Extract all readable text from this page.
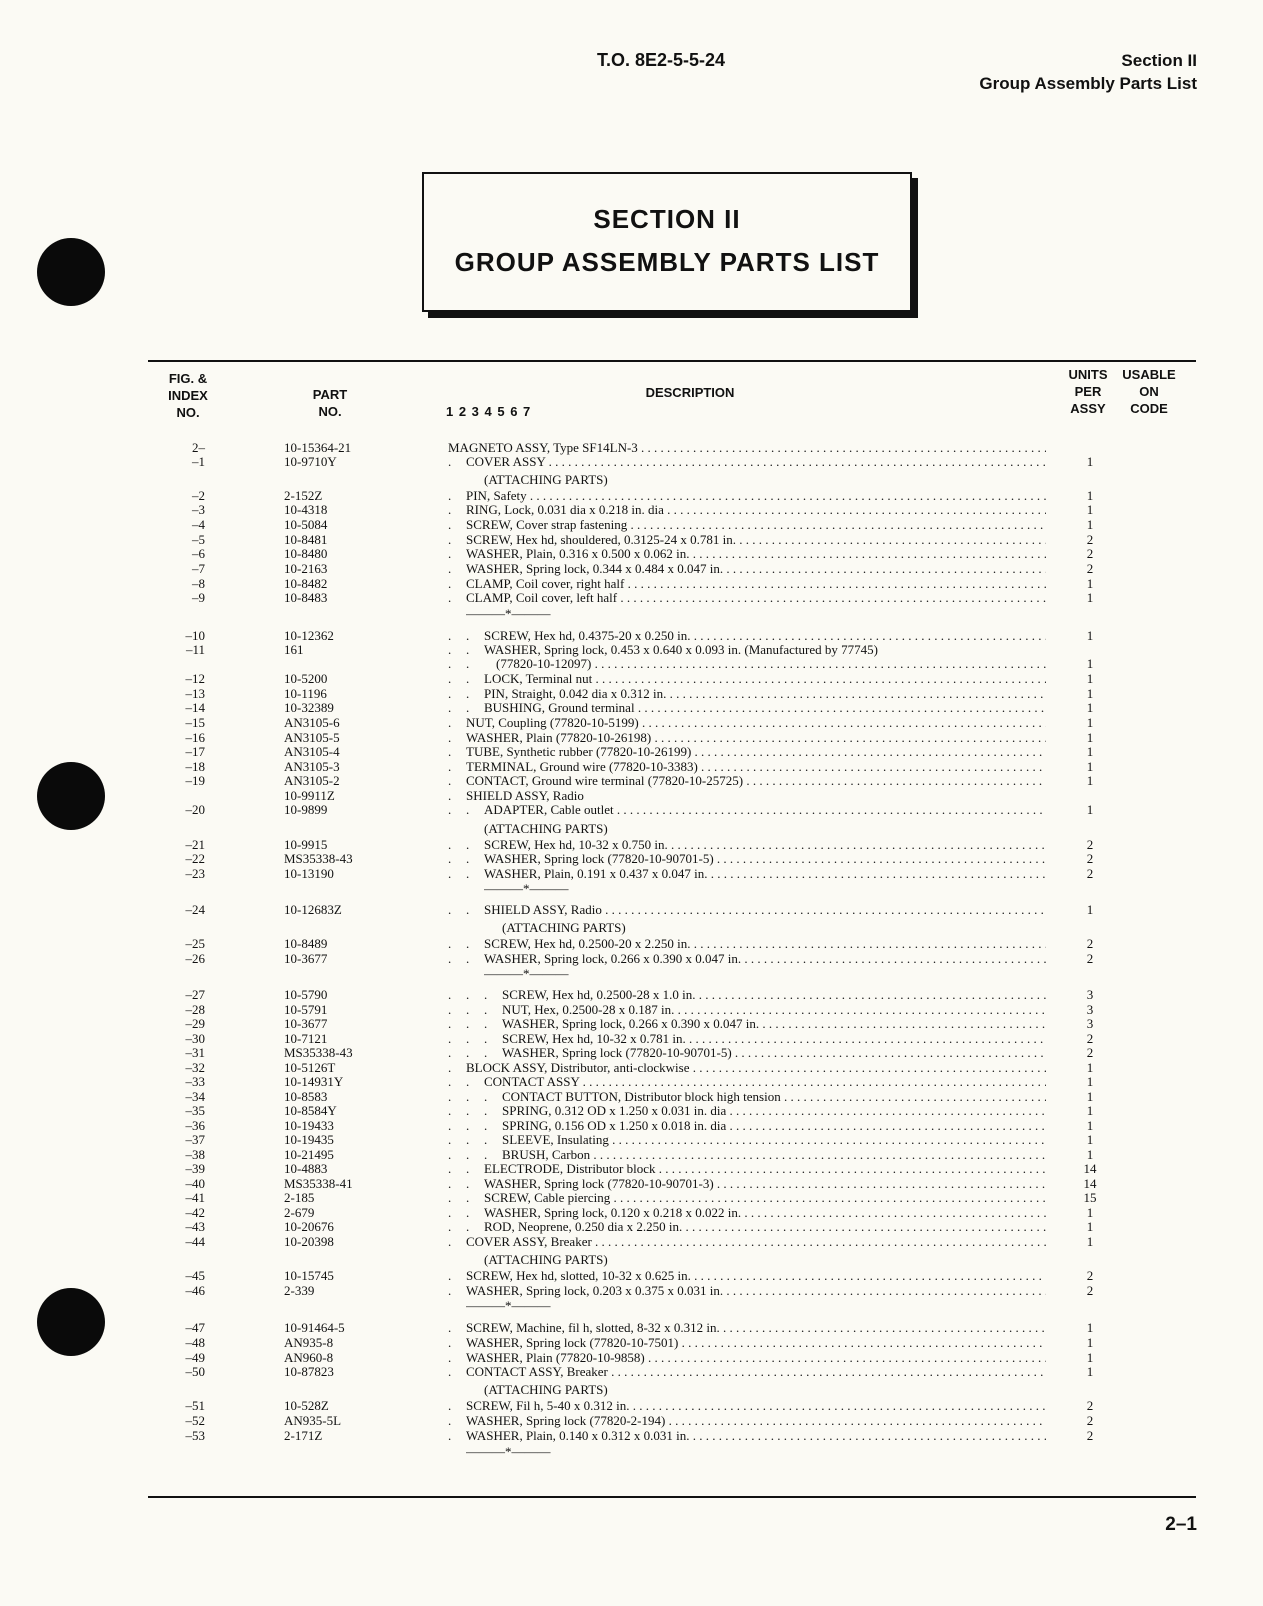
T.O. 8E2-5-5-24	Section II
Group Assembly Parts List
SECTION II
GROUP ASSEMBLY PARTS LIST
FIG. &
INDEX
NO.
PART
NO.
DESCRIPTION
1 2 3 4 5 6 7
UNITS
PER
ASSY
USABLE
ON
CODE
2–	10-15364-21	MAGNETO ASSY, Type SF14LN-3 . . .
–1	10-9710Y	. COVER ASSY . . .	1
(ATTACHING PARTS)
–2	2-152Z	. PIN, Safety . . .	1
–3	10-4318	. RING, Lock, 0.031 dia x 0.218 in. dia . . .	1
–4	10-5084	. SCREW, Cover strap fastening . . .	1
–5	10-8481	. SCREW, Hex hd, shouldered, 0.3125-24 x 0.781 in. . . .	2
–6	10-8480	. WASHER, Plain, 0.316 x 0.500 x 0.062 in. . . .	2
–7	10-2163	. WASHER, Spring lock, 0.344 x 0.484 x 0.047 in. . . .	2
–8	10-8482	. CLAMP, Coil cover, right half . . .	1
–9	10-8483	. CLAMP, Coil cover, left half . . .	1
———*———
–10	10-12362	. . SCREW, Hex hd, 0.4375-20 x 0.250 in. . . .	1
–11	161	. . WASHER, Spring lock, 0.453 x 0.640 x 0.093 in. (Manufactured by 77745)
. . (77820-10-12097) . . .	1
–12	10-5200	. . LOCK, Terminal nut . . .	1
–13	10-1196	. . PIN, Straight, 0.042 dia x 0.312 in. . . .	1
–14	10-32389	. . BUSHING, Ground terminal . . .	1
–15	AN3105-6	. NUT, Coupling (77820-10-5199) . . .	1
–16	AN3105-5	. WASHER, Plain (77820-10-26198) . . .	1
–17	AN3105-4	. TUBE, Synthetic rubber (77820-10-26199) . . .	1
–18	AN3105-3	. TERMINAL, Ground wire (77820-10-3383) . . .	1
–19	AN3105-2	. CONTACT, Ground wire terminal (77820-10-25725) . . .	1
10-9911Z	. SHIELD ASSY, Radio
–20	10-9899	. . ADAPTER, Cable outlet . . .	1
(ATTACHING PARTS)
–21	10-9915	. . SCREW, Hex hd, 10-32 x 0.750 in. . . .	2
–22	MS35338-43	. . WASHER, Spring lock (77820-10-90701-5) . . .	2
–23	10-13190	. . WASHER, Plain, 0.191 x 0.437 x 0.047 in. . . .	2
———*———
–24	10-12683Z	. . SHIELD ASSY, Radio . . .	1
(ATTACHING PARTS)
–25	10-8489	. . SCREW, Hex hd, 0.2500-20 x 2.250 in. . . .	2
–26	10-3677	. . WASHER, Spring lock, 0.266 x 0.390 x 0.047 in. . . .	2
———*———
–27	10-5790	. . . SCREW, Hex hd, 0.2500-28 x 1.0 in. . . .	3
–28	10-5791	. . . NUT, Hex, 0.2500-28 x 0.187 in. . . .	3
–29	10-3677	. . . WASHER, Spring lock, 0.266 x 0.390 x 0.047 in. . . .	3
–30	10-7121	. . . SCREW, Hex hd, 10-32 x 0.781 in. . . .	2
–31	MS35338-43	. . . WASHER, Spring lock (77820-10-90701-5) . . .	2
–32	10-5126T	. BLOCK ASSY, Distributor, anti-clockwise . . .	1
–33	10-14931Y	. . CONTACT ASSY . . .	1
–34	10-8583	. . . CONTACT BUTTON, Distributor block high tension . . .	1
–35	10-8584Y	. . . SPRING, 0.312 OD x 1.250 x 0.031 in. dia . . .	1
–36	10-19433	. . . SPRING, 0.156 OD x 1.250 x 0.018 in. dia . . .	1
–37	10-19435	. . . SLEEVE, Insulating . . .	1
–38	10-21495	. . . BRUSH, Carbon . . .	1
–39	10-4883	. . ELECTRODE, Distributor block . . .	14
–40	MS35338-41	. . WASHER, Spring lock (77820-10-90701-3) . . .	14
–41	2-185	. . SCREW, Cable piercing . . .	15
–42	2-679	. . WASHER, Spring lock, 0.120 x 0.218 x 0.022 in. . . .	1
–43	10-20676	. . ROD, Neoprene, 0.250 dia x 2.250 in. . . .	1
–44	10-20398	. COVER ASSY, Breaker . . .	1
(ATTACHING PARTS)
–45	10-15745	. SCREW, Hex hd, slotted, 10-32 x 0.625 in. . . .	2
–46	2-339	. WASHER, Spring lock, 0.203 x 0.375 x 0.031 in. . . .	2
———*———
–47	10-91464-5	. SCREW, Machine, fil h, slotted, 8-32 x 0.312 in. . . .	1
–48	AN935-8	. WASHER, Spring lock (77820-10-7501) . . .	1
–49	AN960-8	. WASHER, Plain (77820-10-9858) . . .	1
–50	10-87823	. CONTACT ASSY, Breaker . . .	1
(ATTACHING PARTS)
–51	10-528Z	. SCREW, Fil h, 5-40 x 0.312 in. . . .	2
–52	AN935-5L	. WASHER, Spring lock (77820-2-194) . . .	2
–53	2-171Z	. WASHER, Plain, 0.140 x 0.312 x 0.031 in. . . .	2
———*———
2–1
